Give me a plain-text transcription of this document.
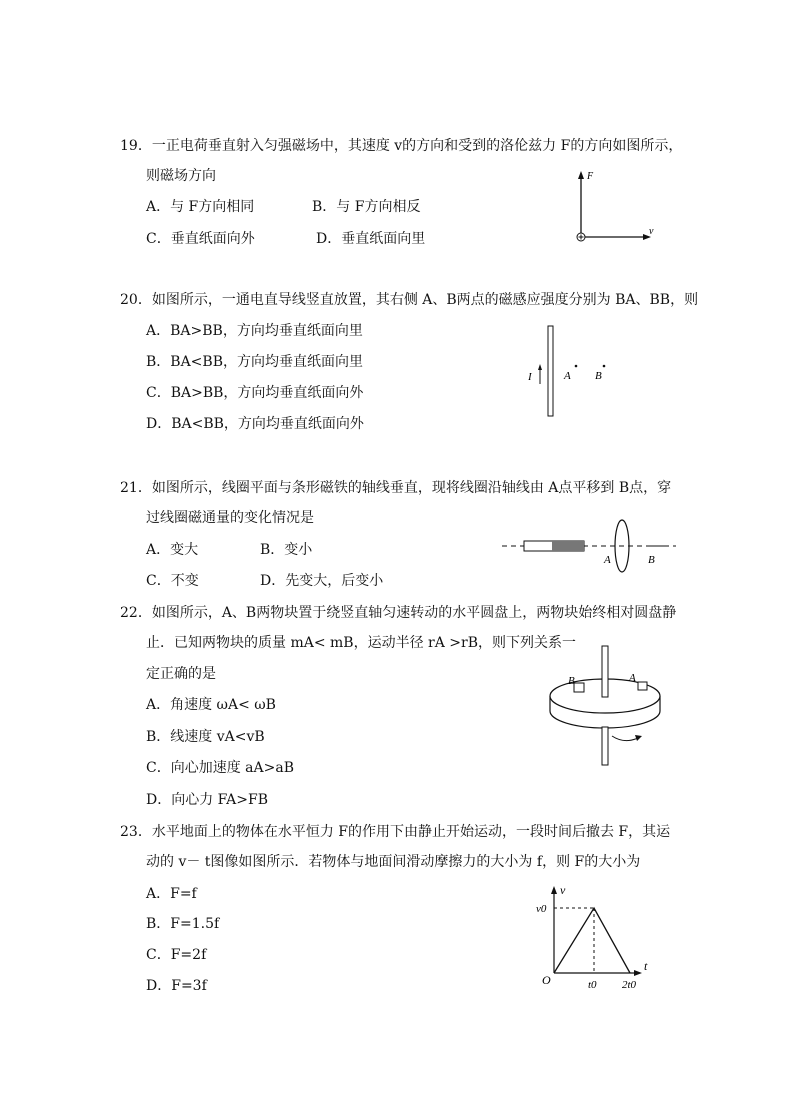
19．一正电荷垂直射入匀强磁场中，其速度 v的方向和受到的洛伦兹力 F的方向如图所示，
则磁场方向
A．与 F方向相同	B．与 F方向相反
C．垂直纸面向外	D．垂直纸面向里
F
v
20．如图所示，一通电直导线竖直放置，其右侧 A、B两点的磁感应强度分别为 BA、BB，则
A．BA>BB，方向均垂直纸面向里
B．BA<BB，方向均垂直纸面向里
C．BA>BB，方向均垂直纸面向外
D．BA<BB，方向均垂直纸面向外
I	A B
21．如图所示，线圈平面与条形磁铁的轴线垂直，现将线圈沿轴线由 A点平移到 B点，穿
过线圈磁通量的变化情况是
A．变大	B．变小
C．不变	D．先变大，后变小
A	B
22．如图所示，A、B两物块置于绕竖直轴匀速转动的水平圆盘上，两物块始终相对圆盘静
止．已知两物块的质量 mA< mB，运动半径 rA >rB，则下列关系一
定正确的是
A．角速度 ωA< ωB
B．线速度 vA<vB
C．向心加速度 aA>aB
D．向心力 FA>FB
B	A
23．水平地面上的物体在水平恒力 F的作用下由静止开始运动，一段时间后撤去 F，其运
动的 v－ t图像如图所示．若物体与地面间滑动摩擦力的大小为 f，则 F的大小为
A．F=f
B．F=1.5f
C．F=2f
D．F=3f
v
t
O
v0
t0 2t0
